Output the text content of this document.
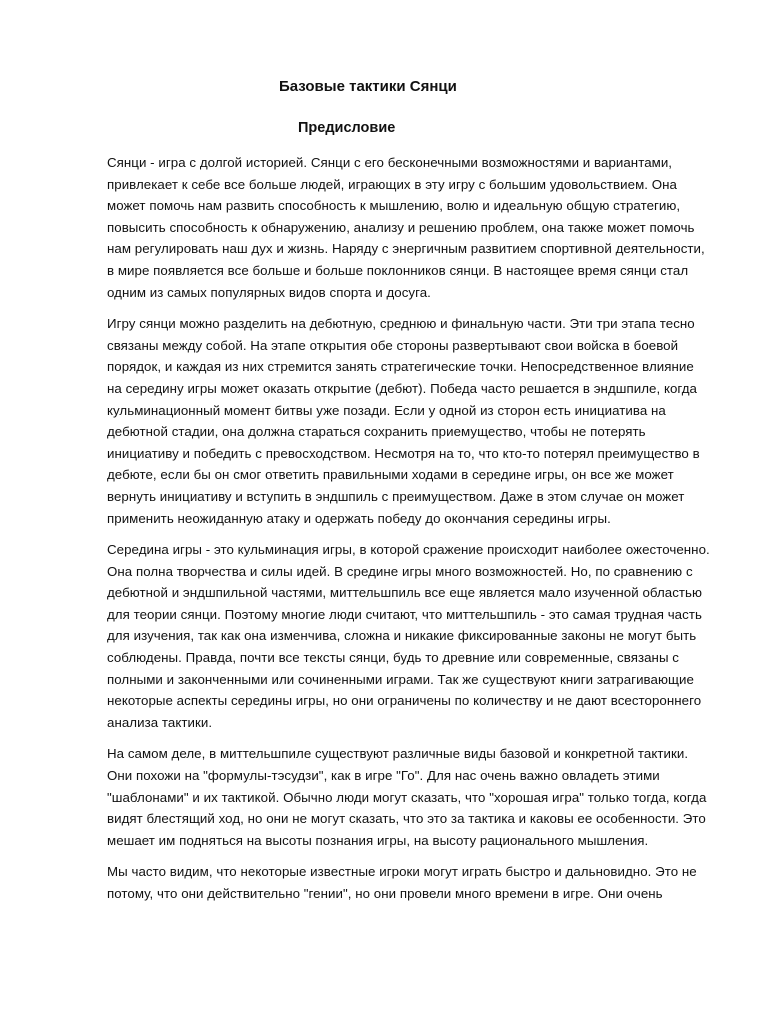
Базовые тактики Сянци
Предисловие

Сянци - игра с долгой историей. Сянци с его бесконечными возможностями и вариантами, привлекает к себе все больше людей, играющих в эту игру с большим удовольствием. Она может помочь нам развить способность к мышлению, волю и идеальную общую стратегию, повысить способность к обнаружению, анализу и решению проблем, она также может помочь нам регулировать наш дух и жизнь. Наряду с энергичным развитием спортивной деятельности, в мире появляется все больше и больше поклонников сянци. В настоящее время сянци стал одним из самых популярных видов спорта и досуга.

Игру сянци можно разделить на дебютную, среднюю и финальную части. Эти три этапа тесно связаны между собой. На этапе открытия обе стороны развертывают свои войска в боевой порядок, и каждая из них стремится занять стратегические точки. Непосредственное влияние на середину игры может оказать открытие (дебют). Победа часто решается в эндшпиле, когда кульминационный момент битвы уже позади. Если у одной из сторон есть инициатива на дебютной стадии, она должна стараться сохранить приемущество, чтобы не потерять инициативу и победить с превосходством. Несмотря на то, что кто-то потерял преимущество в дебюте, если бы он смог ответить правильными ходами в середине игры, он все же может вернуть инициативу и вступить в эндшпиль с преимуществом. Даже в этом случае он может применить неожиданную атаку и одержать победу до окончания середины игры.

Середина игры - это кульминация игры, в которой сражение происходит наиболее ожесточенно. Она полна творчества и силы идей. В средине игры много возможностей. Но, по сравнению с дебютной и эндшпильной частями, миттельшпиль все еще является мало изученной областью для теории сянци. Поэтому многие люди считают, что миттельшпиль - это самая трудная часть для изучения, так как она изменчива, сложна и никакие фиксированные законы не могут быть соблюдены. Правда, почти все тексты сянци, будь то древние или современные, связаны с полными и законченными или сочиненными играми. Так же существуют книги затрагивающие некоторые аспекты середины игры, но они ограничены по количеству и не дают всестороннего анализа тактики.

На самом деле, в миттельшпиле существуют различные виды базовой и конкретной тактики. Они похожи на "формулы-тэсудзи", как в игре "Го". Для нас очень важно овладеть этими "шаблонами" и их тактикой. Обычно люди могут сказать, что "хорошая игра" только тогда, когда видят блестящий ход, но они не могут сказать, что это за тактика и каковы ее особенности. Это мешает им подняться на высоты познания игры, на высоту рационального мышления.

Мы часто видим, что некоторые известные игроки могут играть быстро и дальновидно. Это не потому, что они действительно "гении", но они провели много времени в игре. Они очень
